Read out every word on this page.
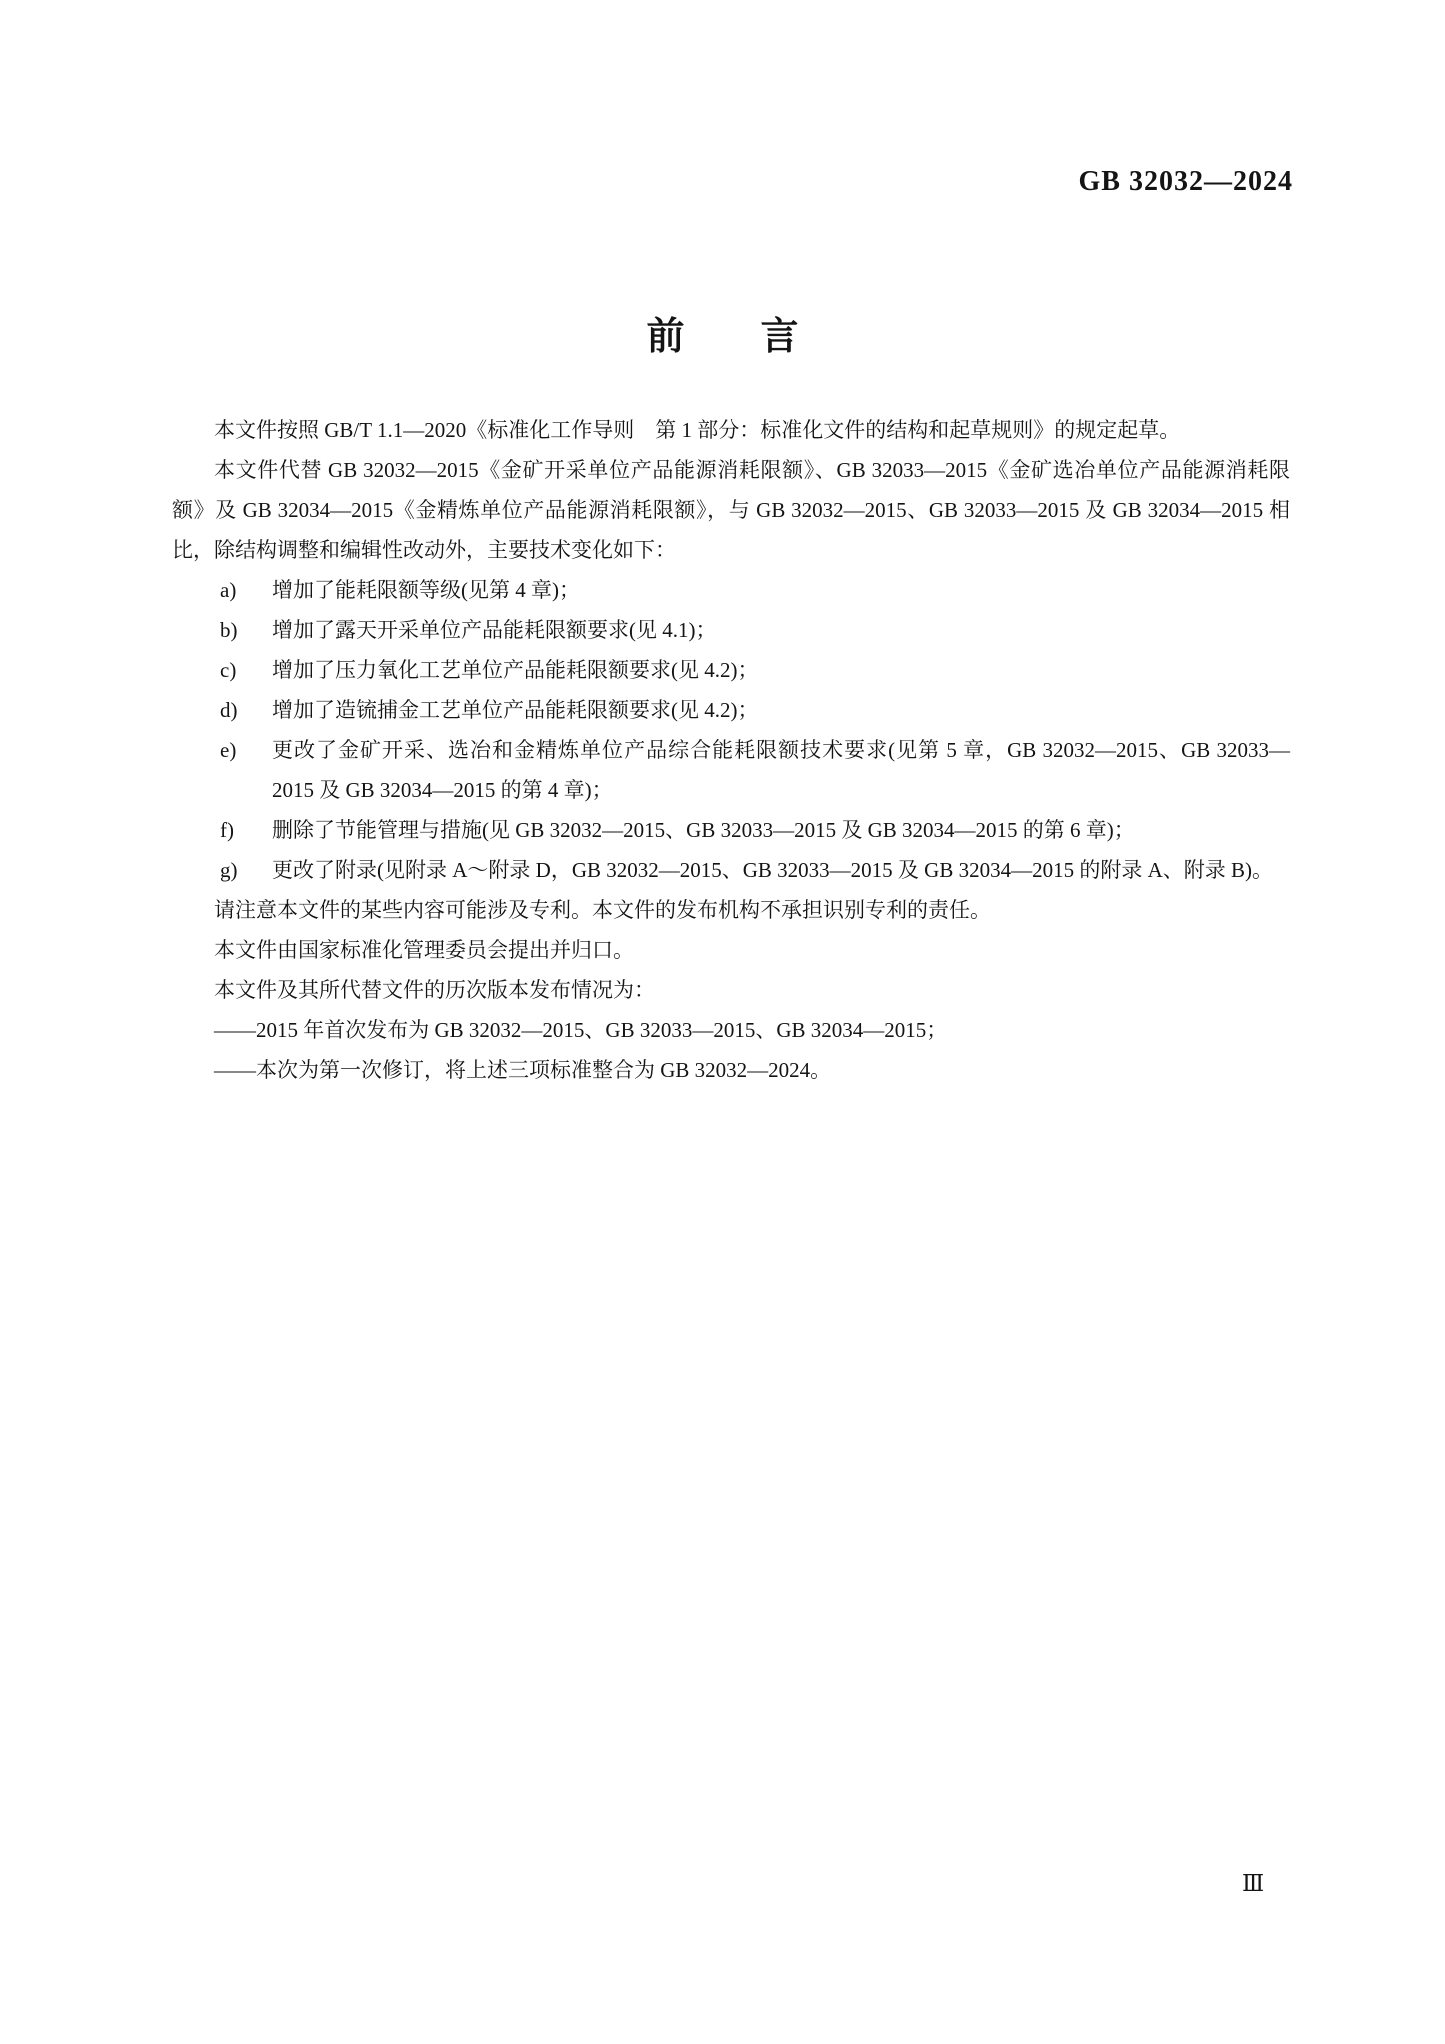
GB 32032—2024
前　　言

本文件按照 GB/T 1.1—2020《标准化工作导则　第 1 部分：标准化文件的结构和起草规则》的规定起草。

本文件代替 GB 32032—2015《金矿开采单位产品能源消耗限额》、GB 32033—2015《金矿选冶单位产品能源消耗限额》及 GB 32034—2015《金精炼单位产品能源消耗限额》，与 GB 32032—2015、GB 32033—2015 及 GB 32034—2015 相比，除结构调整和编辑性改动外，主要技术变化如下：

a)	增加了能耗限额等级(见第 4 章)；
b)	增加了露天开采单位产品能耗限额要求(见 4.1)；
c)	增加了压力氧化工艺单位产品能耗限额要求(见 4.2)；
d)	增加了造锍捕金工艺单位产品能耗限额要求(见 4.2)；
e)	更改了金矿开采、选冶和金精炼单位产品综合能耗限额技术要求(见第 5 章，GB 32032—2015、GB 32033—2015 及 GB 32034—2015 的第 4 章)；
f)	删除了节能管理与措施(见 GB 32032—2015、GB 32033—2015 及 GB 32034—2015 的第 6 章)；
g)	更改了附录(见附录 A～附录 D，GB 32032—2015、GB 32033—2015 及 GB 32034—2015 的附录 A、附录 B)。

请注意本文件的某些内容可能涉及专利。本文件的发布机构不承担识别专利的责任。

本文件由国家标准化管理委员会提出并归口。

本文件及其所代替文件的历次版本发布情况为：

——2015 年首次发布为 GB 32032—2015、GB 32033—2015、GB 32034—2015；

——本次为第一次修订，将上述三项标准整合为 GB 32032—2024。

Ⅲ
